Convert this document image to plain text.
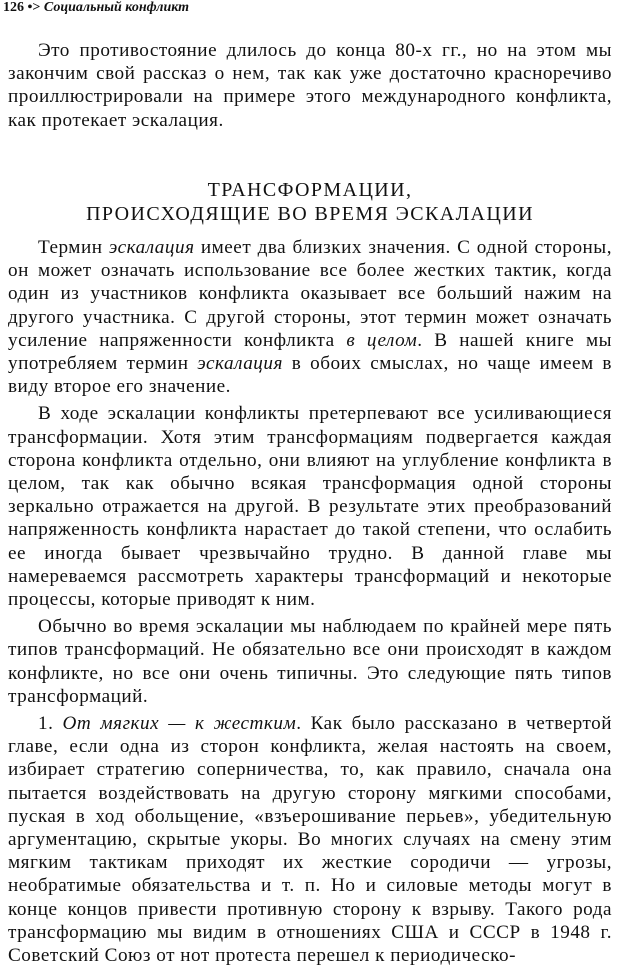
126 •> Социальный конфликт

Это противостояние длилось до конца 80-х гг., но на этом мы закончим свой рассказ о нем, так как уже достаточно красноречиво проиллюстрировали на примере этого международного конфликта, как протекает эскалация.

ТРАНСФОРМАЦИИ,
ПРОИСХОДЯЩИЕ ВО ВРЕМЯ ЭСКАЛАЦИИ

Термин эскалация имеет два близких значения. С одной стороны, он может означать использование все более жестких тактик, когда один из участников конфликта оказывает все больший нажим на другого участника. С другой стороны, этот термин может означать усиление напряженности конфликта в целом. В нашей книге мы употребляем термин эскалация в обоих смыслах, но чаще имеем в виду второе его значение.

В ходе эскалации конфликты претерпевают все усиливающиеся трансформации. Хотя этим трансформациям подвергается каждая сторона конфликта отдельно, они влияют на углубление конфликта в целом, так как обычно всякая трансформация одной стороны зеркально отражается на другой. В результате этих преобразований напряженность конфликта нарастает до такой степени, что ослабить ее иногда бывает чрезвычайно трудно. В данной главе мы намереваемся рассмотреть характеры трансформаций и некоторые процессы, которые приводят к ним.

Обычно во время эскалации мы наблюдаем по крайней мере пять типов трансформаций. Не обязательно все они происходят в каждом конфликте, но все они очень типичны. Это следующие пять типов трансформаций.

1. От мягких — к жестким. Как было рассказано в четвертой главе, если одна из сторон конфликта, желая настоять на своем, избирает стратегию соперничества, то, как правило, сначала она пытается воздействовать на другую сторону мягкими способами, пуская в ход обольщение, «взъерошивание перьев», убедительную аргументацию, скрытые укоры. Во многих случаях на смену этим мягким тактикам приходят их жесткие сородичи — угрозы, необратимые обязательства и т. п. Но и силовые методы могут в конце концов привести противную сторону к взрыву. Такого рода трансформацию мы видим в отношениях США и СССР в 1948 г. Советский Союз от нот протеста перешел к периодическо-
